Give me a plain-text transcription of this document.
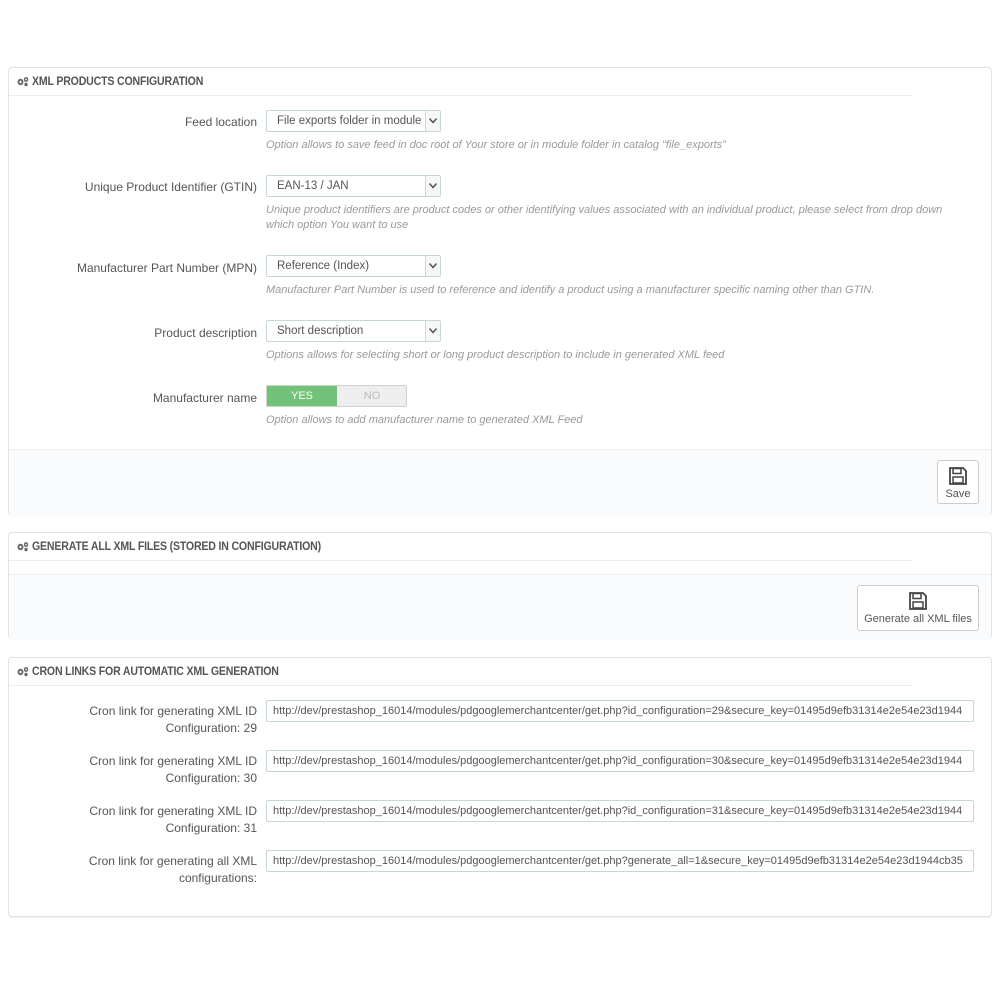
XML PRODUCTS CONFIGURATION
Feed location File exports folder in module
Option allows to save feed in doc root of Your store or in module folder in catalog "file_exports"
Unique Product Identifier (GTIN) EAN-13 / JAN
Unique product identifiers are product codes or other identifying values associated with an individual product, please select from drop down
which option You want to use
Manufacturer Part Number (MPN) Reference (Index)
Manufacturer Part Number is used to reference and identify a product using a manufacturer specific naming other than GTIN.
Product description Short description
Options allows for selecting short or long product description to include in generated XML feed
Manufacturer name	YES	NO
Option allows to add manufacturer name to generated XML Feed
Save
GENERATE ALL XML FILES (STORED IN CONFIGURATION)
Generate all XML files
CRON LINKS FOR AUTOMATIC XML GENERATION
Cron link for generating XML ID
Configuration: 29
http://dev/prestashop_16014/modules/pdgooglemerchantcenter/get.php?id_configuration=29&secure_key=01495d9efb31314e2e54e23d1944
Cron link for generating XML ID
Configuration: 30
http://dev/prestashop_16014/modules/pdgooglemerchantcenter/get.php?id_configuration=30&secure_key=01495d9efb31314e2e54e23d1944
Cron link for generating XML ID
Configuration: 31
http://dev/prestashop_16014/modules/pdgooglemerchantcenter/get.php?id_configuration=31&secure_key=01495d9efb31314e2e54e23d1944
Cron link for generating all XML
configurations:
http://dev/prestashop_16014/modules/pdgooglemerchantcenter/get.php?generate_all=1&secure_key=01495d9efb31314e2e54e23d1944cb35
